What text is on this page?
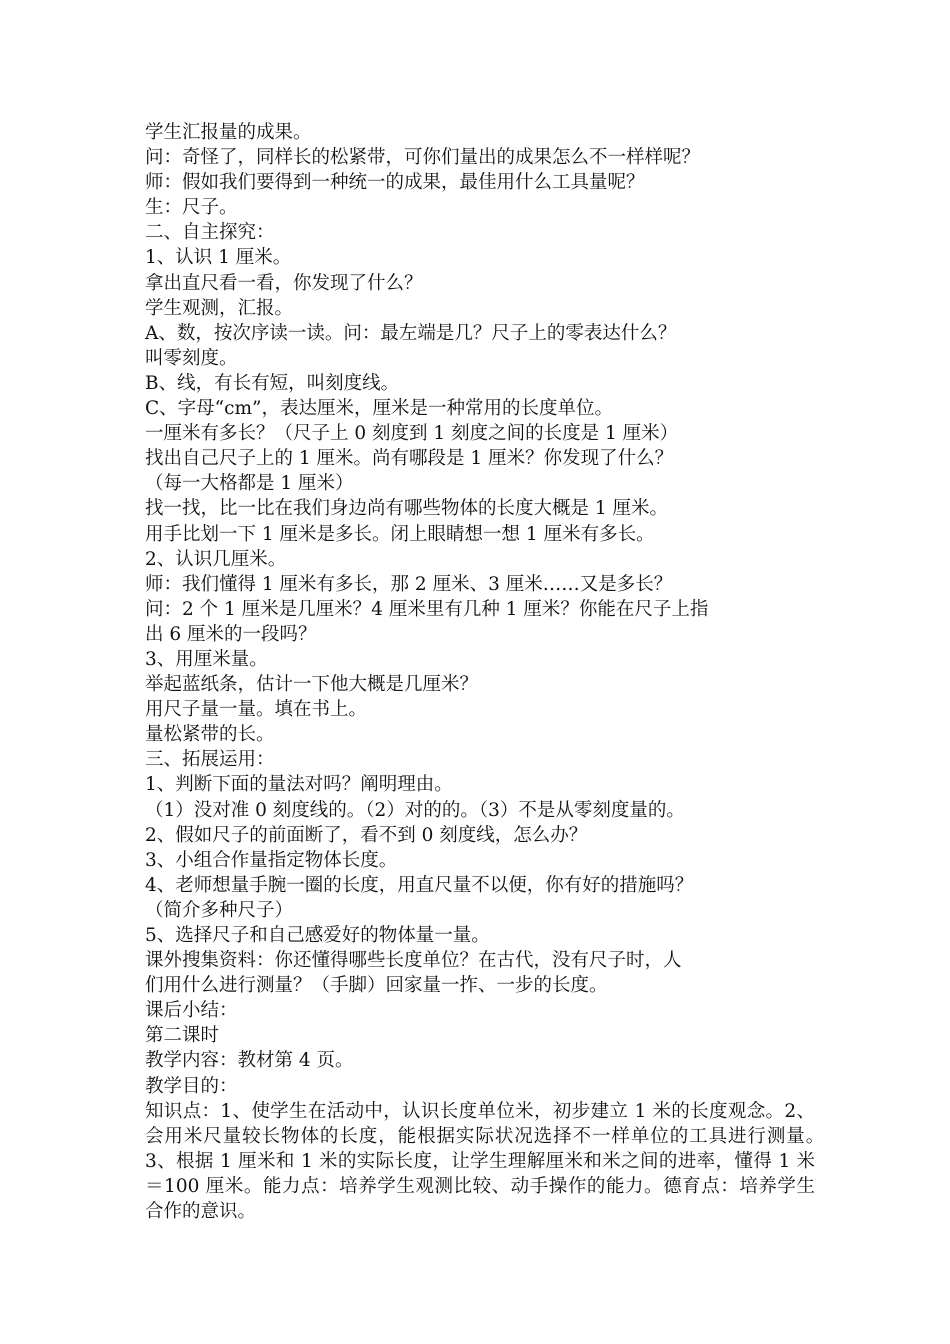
学生汇报量的成果。

问：奇怪了，同样长的松紧带，可你们量出的成果怎么不一样样呢？

师：假如我们要得到一种统一的成果，最佳用什么工具量呢？

生：尺子。

二、自主探究：

1、认识 1 厘米。

拿出直尺看一看，你发现了什么？

学生观测，汇报。

A、数，按次序读一读。问：最左端是几？尺子上的零表达什么？

叫零刻度。

B、线，有长有短，叫刻度线。

C、字母“cm”，表达厘米，厘米是一种常用的长度单位。

一厘米有多长？（尺子上 0 刻度到 1 刻度之间的长度是 1 厘米）

找出自己尺子上的 1 厘米。尚有哪段是 1 厘米？你发现了什么？

（每一大格都是 1 厘米）

找一找，比一比在我们身边尚有哪些物体的长度大概是 1 厘米。

用手比划一下 1 厘米是多长。闭上眼睛想一想 1 厘米有多长。

2、认识几厘米。

师：我们懂得 1 厘米有多长，那 2 厘米、3 厘米……又是多长？

问：2 个 1 厘米是几厘米？4 厘米里有几种 1 厘米？你能在尺子上指

出 6 厘米的一段吗？

3、用厘米量。

举起蓝纸条，估计一下他大概是几厘米？

用尺子量一量。填在书上。

量松紧带的长。

三、拓展运用：

1、判断下面的量法对吗？阐明理由。

（1）没对准 0 刻度线的。（2）对的的。（3）不是从零刻度量的。

2、假如尺子的前面断了，看不到 0 刻度线，怎么办？

3、小组合作量指定物体长度。

4、老师想量手腕一圈的长度，用直尺量不以便，你有好的措施吗？

（简介多种尺子）

5、选择尺子和自己感爱好的物体量一量。

课外搜集资料：你还懂得哪些长度单位？在古代，没有尺子时，人

们用什么进行测量？（手脚）回家量一拃、一步的长度。

课后小结：

第二课时

教学内容：教材第 4 页。

教学目的：

知识点：1、使学生在活动中，认识长度单位米，初步建立 1 米的长度观念。2、会用米尺量较长物体的长度，能根据实际状况选择不一样单位的工具进行测量。　3、根据 1 厘米和 1 米的实际长度，让学生理解厘米和米之间的进率，懂得 1 米＝100 厘米。能力点：培养学生观测比较、动手操作的能力。德育点：培养学生合作的意识。
